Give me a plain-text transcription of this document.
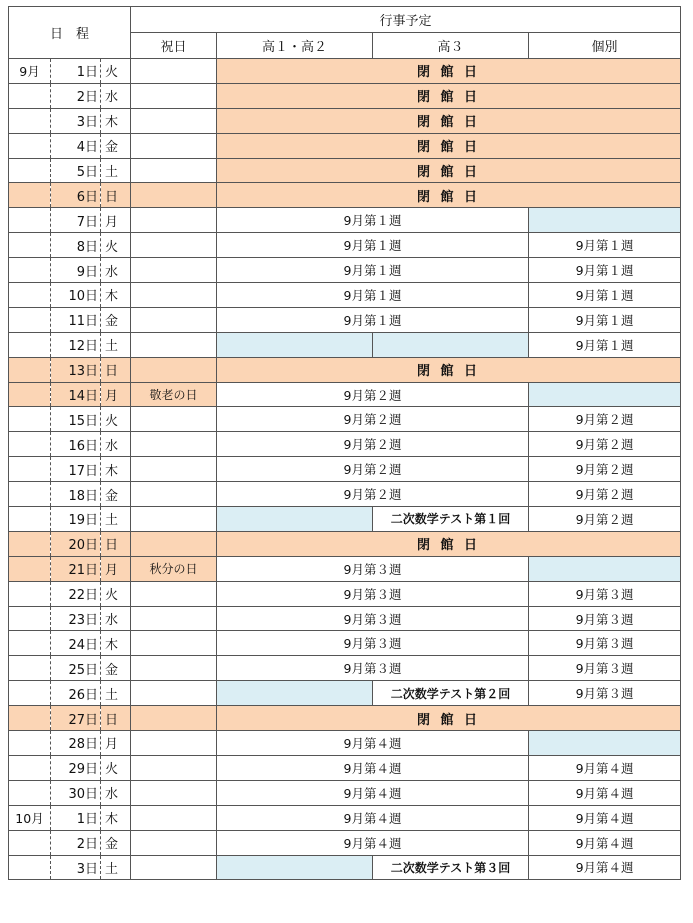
日　程			行事予定			
			祝日	高１・高２	高３	個別
9月	1日	火		閉 館 日		
	2日	水		閉 館 日		
	3日	木		閉 館 日		
	4日	金		閉 館 日		
	5日	土		閉 館 日		
	6日	日		閉 館 日		
	7日	月		9月第１週		
	8日	火		9月第１週		9月第１週
	9日	水		9月第１週		9月第１週
	10日	木		9月第１週		9月第１週
	11日	金		9月第１週		9月第１週
	12日	土				9月第１週
	13日	日		閉 館 日		
	14日	月	敬老の日	9月第２週		
	15日	火		9月第２週		9月第２週
	16日	水		9月第２週		9月第２週
	17日	木		9月第２週		9月第２週
	18日	金		9月第２週		9月第２週
	19日	土			二次数学テスト第１回	9月第２週
	20日	日		閉 館 日		
	21日	月	秋分の日	9月第３週		
	22日	火		9月第３週		9月第３週
	23日	水		9月第３週		9月第３週
	24日	木		9月第３週		9月第３週
	25日	金		9月第３週		9月第３週
	26日	土			二次数学テスト第２回	9月第３週
	27日	日		閉 館 日		
	28日	月		9月第４週		
	29日	火		9月第４週		9月第４週
	30日	水		9月第４週		9月第４週
10月	1日	木		9月第４週		9月第４週
	2日	金		9月第４週		9月第４週
	3日	土			二次数学テスト第３回	9月第４週
